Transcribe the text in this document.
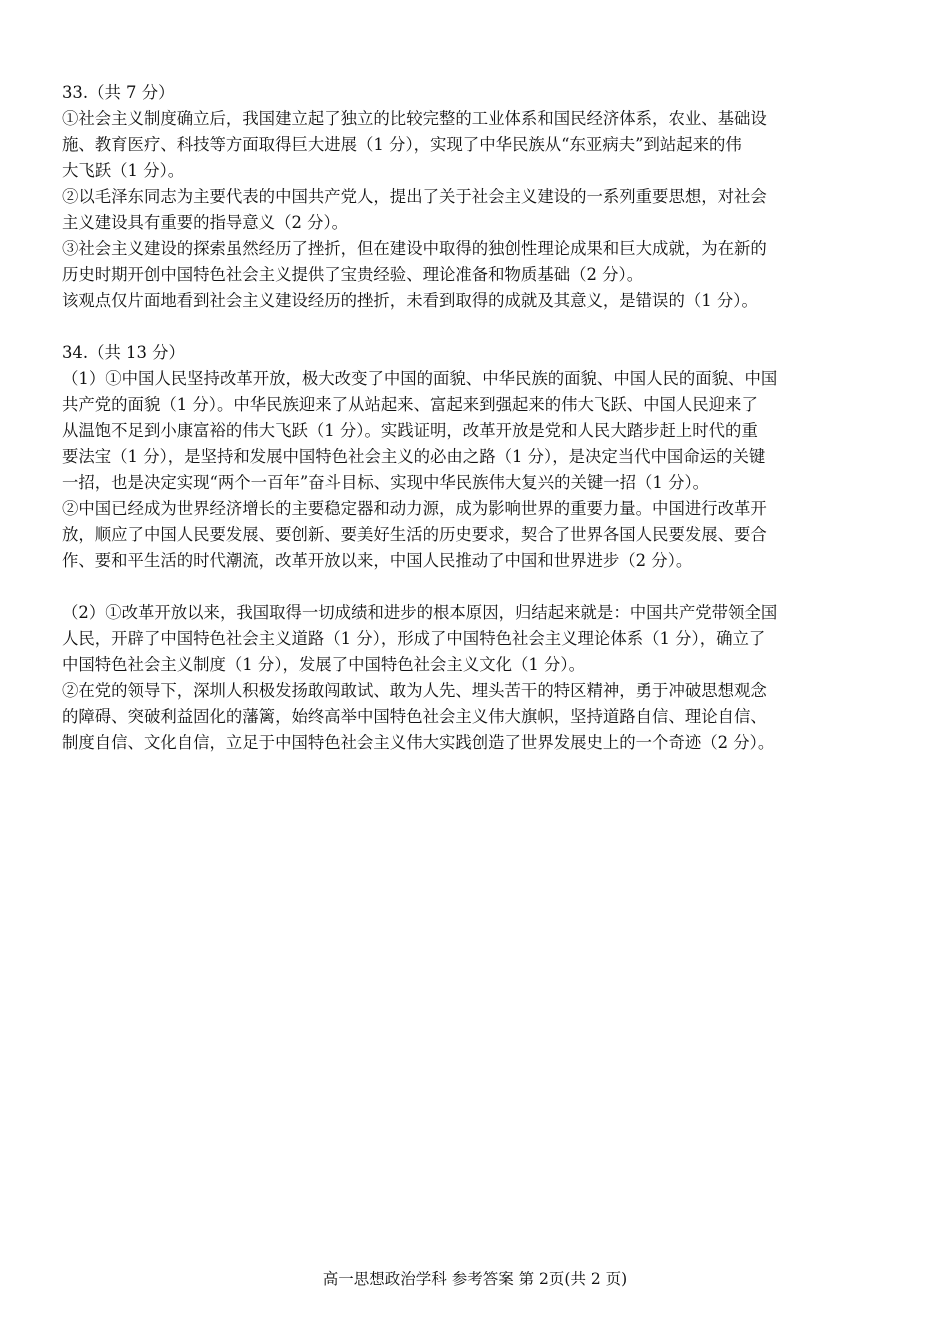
33.（共 7 分）
①社会主义制度确立后，我国建立起了独立的比较完整的工业体系和国民经济体系，农业、基础设
施、教育医疗、科技等方面取得巨大进展（1 分），实现了中华民族从“东亚病夫”到站起来的伟
大飞跃（1 分）。
②以毛泽东同志为主要代表的中国共产党人，提出了关于社会主义建设的一系列重要思想，对社会
主义建设具有重要的指导意义（2 分）。
③社会主义建设的探索虽然经历了挫折，但在建设中取得的独创性理论成果和巨大成就，为在新的
历史时期开创中国特色社会主义提供了宝贵经验、理论准备和物质基础（2 分）。
该观点仅片面地看到社会主义建设经历的挫折，未看到取得的成就及其意义，是错误的（1 分）。
34.（共 13 分）
（1）①中国人民坚持改革开放，极大改变了中国的面貌、中华民族的面貌、中国人民的面貌、中国
共产党的面貌（1 分）。中华民族迎来了从站起来、富起来到强起来的伟大飞跃、中国人民迎来了
从温饱不足到小康富裕的伟大飞跃（1 分）。实践证明，改革开放是党和人民大踏步赶上时代的重
要法宝（1 分），是坚持和发展中国特色社会主义的必由之路（1 分），是决定当代中国命运的关键
一招，也是决定实现“两个一百年”奋斗目标、实现中华民族伟大复兴的关键一招（1 分）。
②中国已经成为世界经济增长的主要稳定器和动力源，成为影响世界的重要力量。中国进行改革开
放，顺应了中国人民要发展、要创新、要美好生活的历史要求，契合了世界各国人民要发展、要合
作、要和平生活的时代潮流，改革开放以来，中国人民推动了中国和世界进步（2 分）。
（2）①改革开放以来，我国取得一切成绩和进步的根本原因，归结起来就是：中国共产党带领全国
人民，开辟了中国特色社会主义道路（1 分），形成了中国特色社会主义理论体系（1 分），确立了
中国特色社会主义制度（1 分），发展了中国特色社会主义文化（1 分）。
②在党的领导下，深圳人积极发扬敢闯敢试、敢为人先、埋头苦干的特区精神，勇于冲破思想观念
的障碍、突破利益固化的藩篱，始终高举中国特色社会主义伟大旗帜，坚持道路自信、理论自信、
制度自信、文化自信，立足于中国特色社会主义伟大实践创造了世界发展史上的一个奇迹（2 分）。
高一思想政治学科 参考答案 第 2页(共 2 页)
